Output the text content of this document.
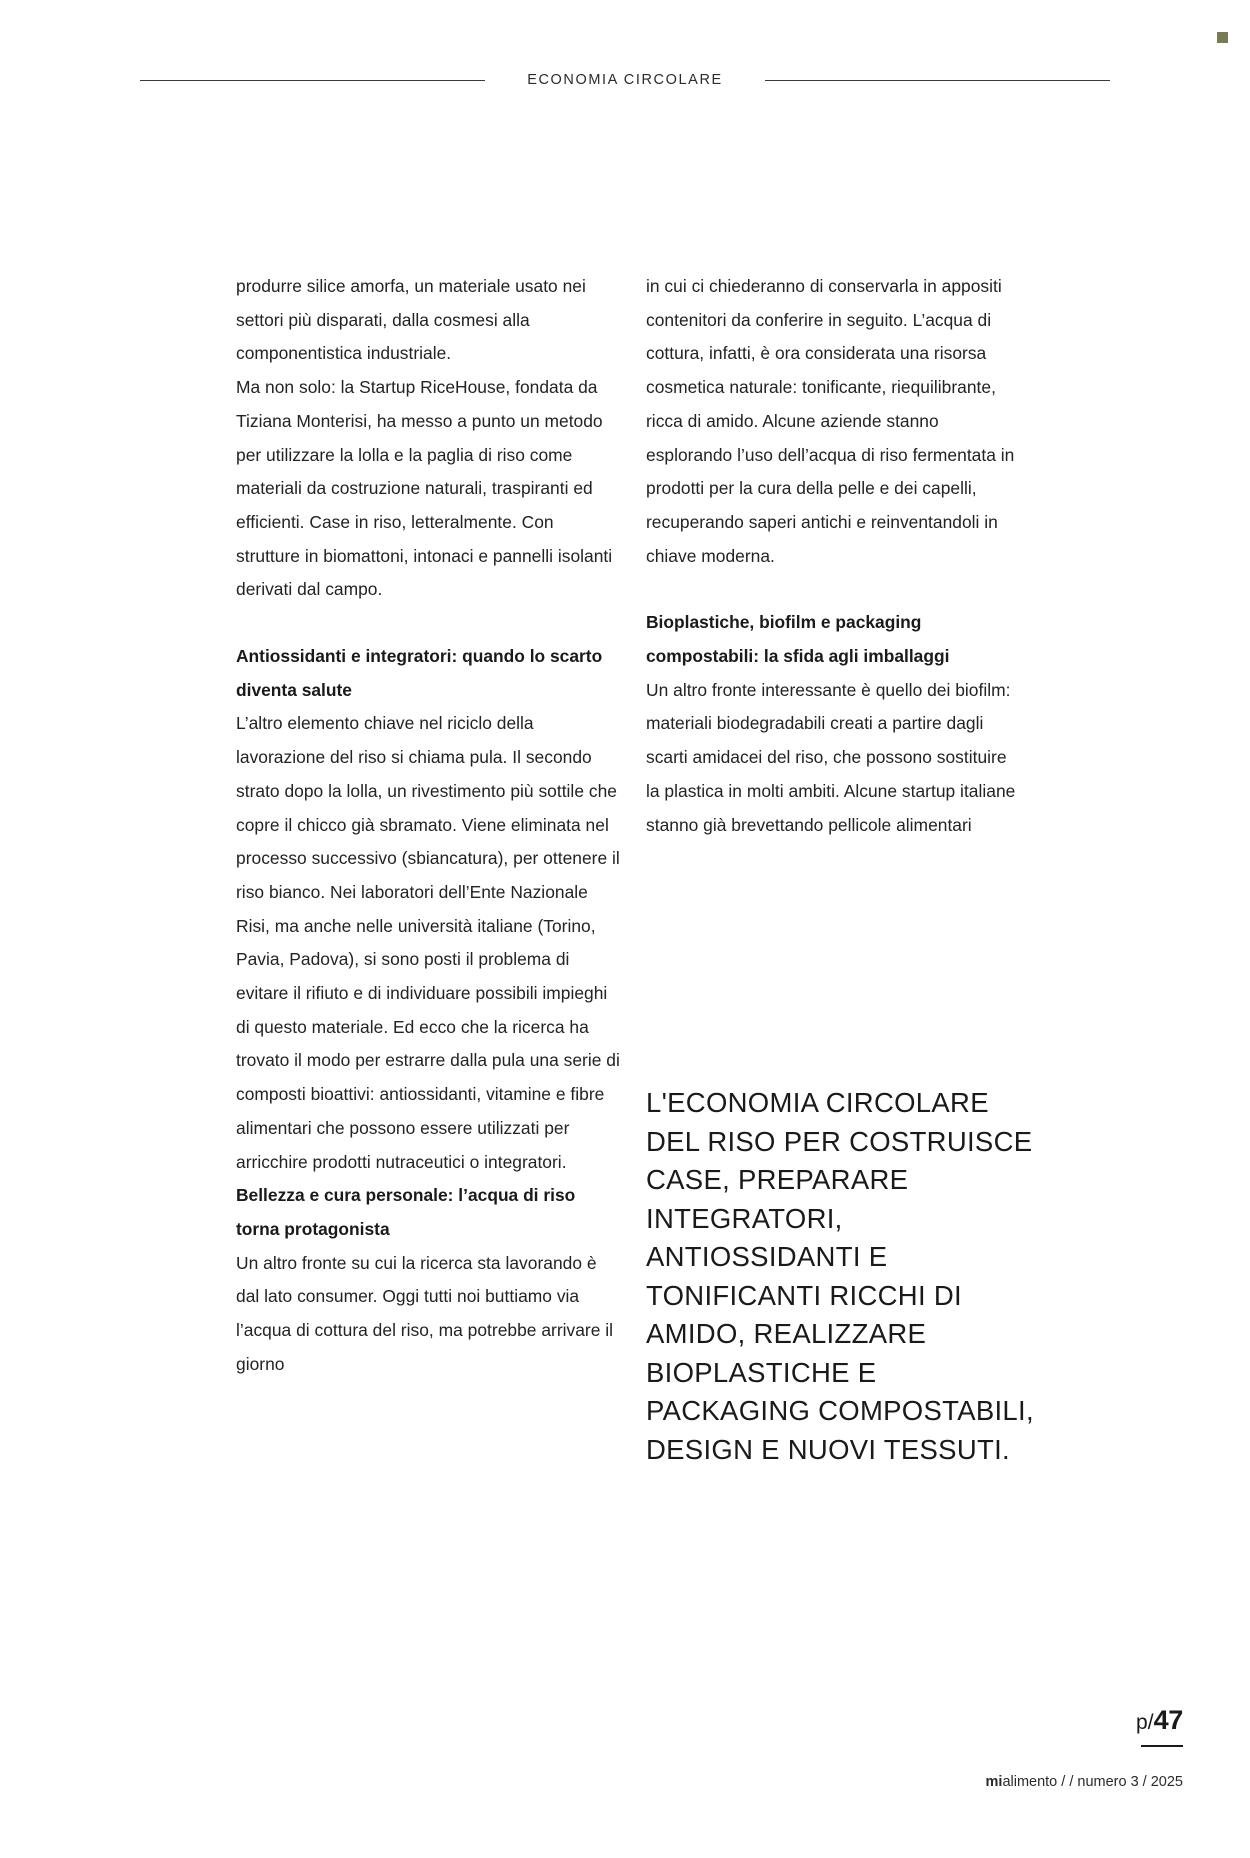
ECONOMIA CIRCOLARE

produrre silice amorfa, un materiale usato nei settori più disparati, dalla cosmesi alla componentistica industriale.

Ma non solo: la Startup RiceHouse, fondata da Tiziana Monterisi, ha messo a punto un metodo per utilizzare la lolla e la paglia di riso come materiali da costruzione naturali, traspiranti ed efficienti. Case in riso, letteralmente. Con strutture in biomattoni, intonaci e pannelli isolanti derivati dal campo.

Antiossidanti e integratori: quando lo scarto diventa salute

L’altro elemento chiave nel riciclo della lavorazione del riso si chiama pula. Il secondo strato dopo la lolla, un rivestimento più sottile che copre il chicco già sbramato. Viene eliminata nel processo successivo (sbiancatura), per ottenere il riso bianco. Nei laboratori dell’Ente Nazionale Risi, ma anche nelle università italiane (Torino, Pavia, Padova), si sono posti il problema di evitare il rifiuto e di individuare possibili impieghi di questo materiale. Ed ecco che la ricerca ha trovato il modo per estrarre dalla pula una serie di composti bioattivi: antiossidanti, vitamine e fibre alimentari che possono essere utilizzati per arricchire prodotti nutraceutici o integratori.

Bellezza e cura personale: l’acqua di riso torna protagonista

Un altro fronte su cui la ricerca sta lavorando è dal lato consumer. Oggi tutti noi buttiamo via l’acqua di cottura del riso, ma potrebbe arrivare il giorno

in cui ci chiederanno di conservarla in appositi contenitori da conferire in seguito. L’acqua di cottura, infatti, è ora considerata una risorsa cosmetica naturale: tonificante, riequilibrante, ricca di amido. Alcune aziende stanno esplorando l’uso dell’acqua di riso fermentata in prodotti per la cura della pelle e dei capelli, recuperando saperi antichi e reinventandoli in chiave moderna.

Bioplastiche, biofilm e packaging compostabili: la sfida agli imballaggi

Un altro fronte interessante è quello dei biofilm: materiali biodegradabili creati a partire dagli scarti amidacei del riso, che possono sostituire la plastica in molti ambiti. Alcune startup italiane stanno già brevettando pellicole alimentari

L'ECONOMIA CIRCOLARE DEL RISO PER COSTRUISCE CASE, PREPARARE INTEGRATORI, ANTIOSSIDANTI E TONIFICANTI RICCHI DI AMIDO, REALIZZARE BIOPLASTICHE E PACKAGING COMPOSTABILI, DESIGN E NUOVI TESSUTI.
p/47
mialimento / / numero 3 / 2025
